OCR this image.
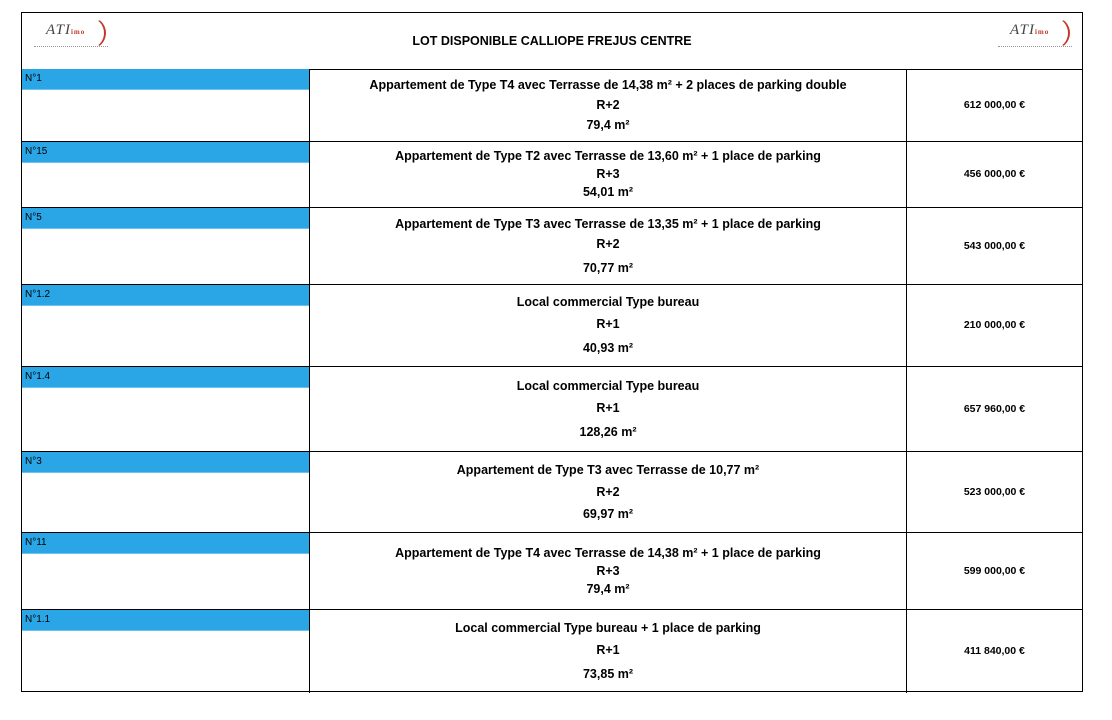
ATIimo
LOT DISPONIBLE CALLIOPE FREJUS CENTRE
ATIimo
N°1	Appartement de Type T4 avec Terrasse de 14,38 m² + 2 places de parking double
R+2
79,4 m²	612 000,00 €

N°15	Appartement de Type T2 avec Terrasse de 13,60 m² + 1 place de parking
R+3
54,01 m²	456 000,00 €

N°5	Appartement de Type T3 avec Terrasse de 13,35 m² + 1 place de parking
R+2
70,77 m²	543 000,00 €

N°1.2	Local commercial Type bureau
R+1
40,93 m²	210 000,00 €

N°1.4	Local commercial Type bureau
R+1
128,26 m²	657 960,00 €

N°3	Appartement de Type T3 avec Terrasse de 10,77 m²
R+2
69,97 m²	523 000,00 €

N°11	Appartement de Type T4 avec Terrasse de 14,38 m² + 1 place de parking
R+3
79,4 m²	599 000,00 €

N°1.1	Local commercial Type bureau + 1 place de parking
R+1
73,85 m²	411 840,00 €
